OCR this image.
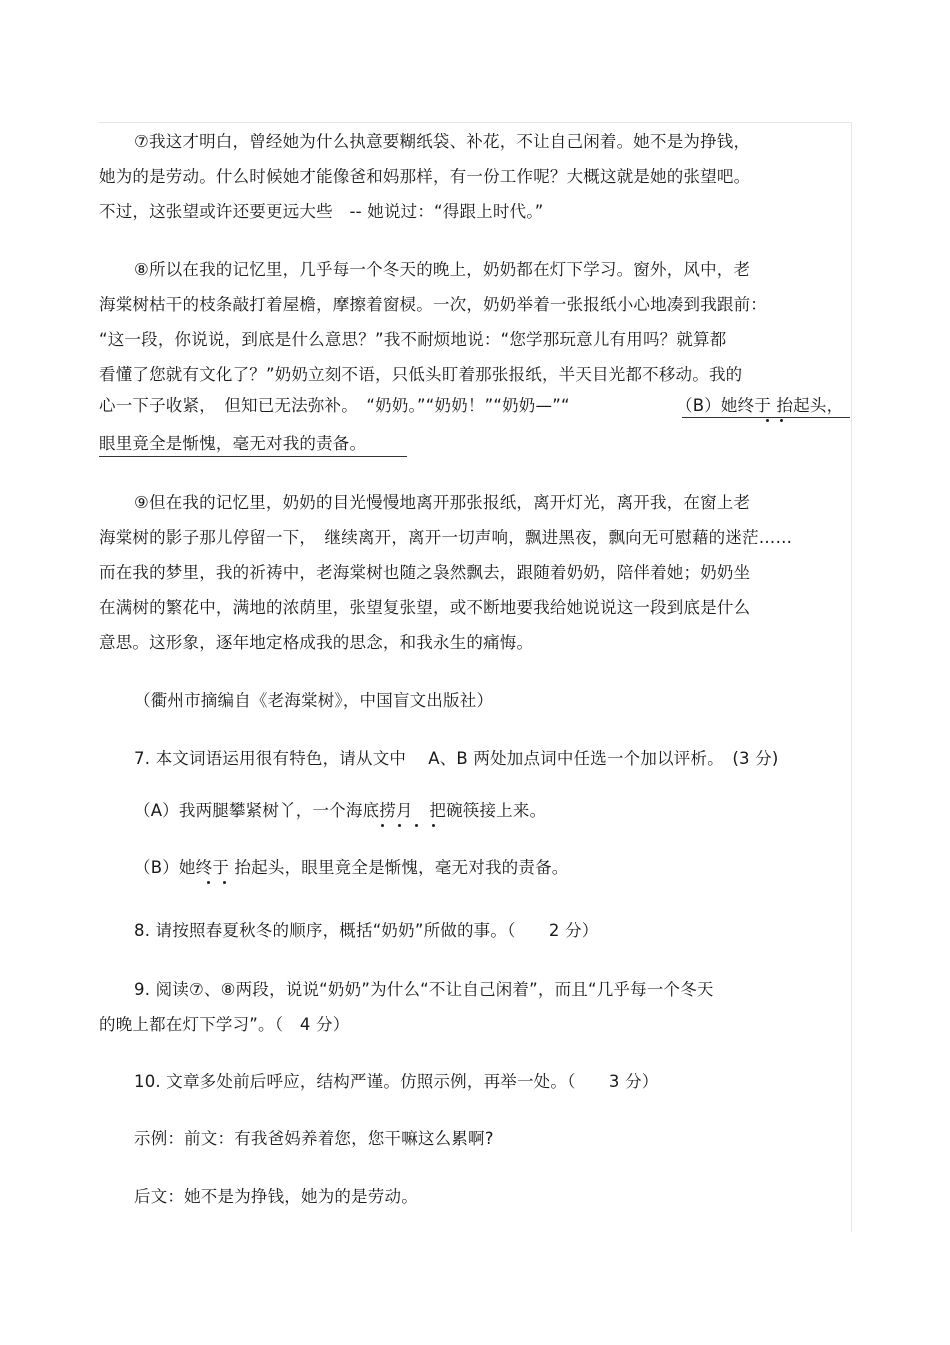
⑦我这才明白，曾经她为什么执意要糊纸袋、补花，不让自己闲着。她不是为挣钱，
她为的是劳动。什么时候她才能像爸和妈那样，有一份工作呢？大概这就是她的张望吧。
不过，这张望或许还要更远大些　-- 她说过：“得跟上时代。”
⑧所以在我的记忆里，几乎每一个冬天的晚上，奶奶都在灯下学习。窗外，风中，老
海棠树枯干的枝条敲打着屋檐，摩擦着窗棂。一次，奶奶举着一张报纸小心地凑到我跟前：
“这一段，你说说，到底是什么意思？”我不耐烦地说：“您学那玩意儿有用吗？就算都
看懂了您就有文化了？”奶奶立刻不语，只低头盯着那张报纸，半天目光都不移动。我的
心一下子收紧，　但知已无法弥补。　“奶奶。”“奶奶！”“奶奶—”“	（B）她终于 抬起头，
眼里竟全是惭愧，毫无对我的责备。
⑨但在我的记忆里，奶奶的目光慢慢地离开那张报纸，离开灯光，离开我，在窗上老
海棠树的影子那儿停留一下，　继续离开，离开一切声响，飘进黑夜，飘向无可慰藉的迷茫……
而在我的梦里，我的祈祷中，老海棠树也随之袅然飘去，跟随着奶奶，陪伴着她；奶奶坐
在满树的繁花中，满地的浓荫里，张望复张望，或不断地要我给她说说这一段到底是什么
意思。这形象，逐年地定格成我的思念，和我永生的痛悔。
（衢州市摘编自《老海棠树》，中国盲文出版社）
7. 本文词语运用很有特色，请从文中　 A、B 两处加点词中任选一个加以评析。　(3 分)
（A）我两腿攀紧树丫，一个海底捞月　把碗筷接上来。
（B）她终于 抬起头，眼里竟全是惭愧，毫无对我的责备。
8. 请按照春夏秋冬的顺序，概括“奶奶”所做的事。（　　2 分）
9. 阅读⑦、⑧两段，说说“奶奶”为什么“不让自己闲着”，而且“几乎每一个冬天
的晚上都在灯下学习”。（　4 分）
10. 文章多处前后呼应，结构严谨。仿照示例，再举一处。（　　3 分）
示例：前文：有我爸妈养着您，您干嘛这么累啊?
后文：她不是为挣钱，她为的是劳动。
